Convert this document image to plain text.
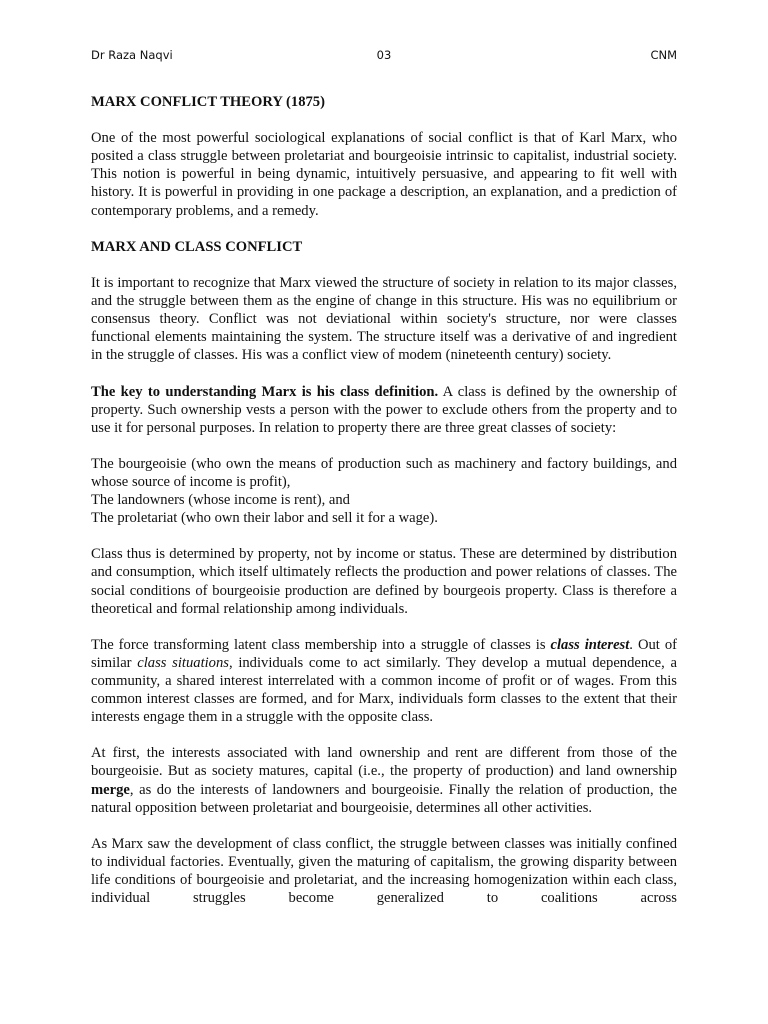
Dr Raza Naqvi	03	CNM
MARX CONFLICT THEORY (1875)

One of the most powerful sociological explanations of social conflict is that of Karl Marx, who posited a class struggle between proletariat and bourgeoisie intrinsic to capitalist, industrial society. This notion is powerful in being dynamic, intuitively persuasive, and appearing to fit well with history. It is powerful in providing in one package a description, an explanation, and a prediction of contemporary problems, and a remedy.

MARX AND CLASS CONFLICT

It is important to recognize that Marx viewed the structure of society in relation to its major classes, and the struggle between them as the engine of change in this structure. His was no equilibrium or consensus theory. Conflict was not deviational within society's structure, nor were classes functional elements maintaining the system. The structure itself was a derivative of and ingredient in the struggle of classes. His was a conflict view of modem (nineteenth century) society.

The key to understanding Marx is his class definition. A class is defined by the ownership of property. Such ownership vests a person with the power to exclude others from the property and to use it for personal purposes. In relation to property there are three great classes of society:

The bourgeoisie (who own the means of production such as machinery and factory buildings, and whose source of income is profit),

The landowners (whose income is rent), and

The proletariat (who own their labor and sell it for a wage).

Class thus is determined by property, not by income or status. These are determined by distribution and consumption, which itself ultimately reflects the production and power relations of classes. The social conditions of bourgeoisie production are defined by bourgeois property. Class is therefore a theoretical and formal relationship among individuals.

The force transforming latent class membership into a struggle of classes is class interest. Out of similar class situations, individuals come to act similarly. They develop a mutual dependence, a community, a shared interest interrelated with a common income of profit or of wages. From this common interest classes are formed, and for Marx, individuals form classes to the extent that their interests engage them in a struggle with the opposite class.

At first, the interests associated with land ownership and rent are different from those of the bourgeoisie. But as society matures, capital (i.e., the property of production) and land ownership merge, as do the interests of landowners and bourgeoisie. Finally the relation of production, the natural opposition between proletariat and bourgeoisie, determines all other activities.

As Marx saw the development of class conflict, the struggle between classes was initially confined to individual factories. Eventually, given the maturing of capitalism, the growing disparity between life conditions of bourgeoisie and proletariat, and the increasing homogenization within each class, individual struggles become generalized to coalitions across
